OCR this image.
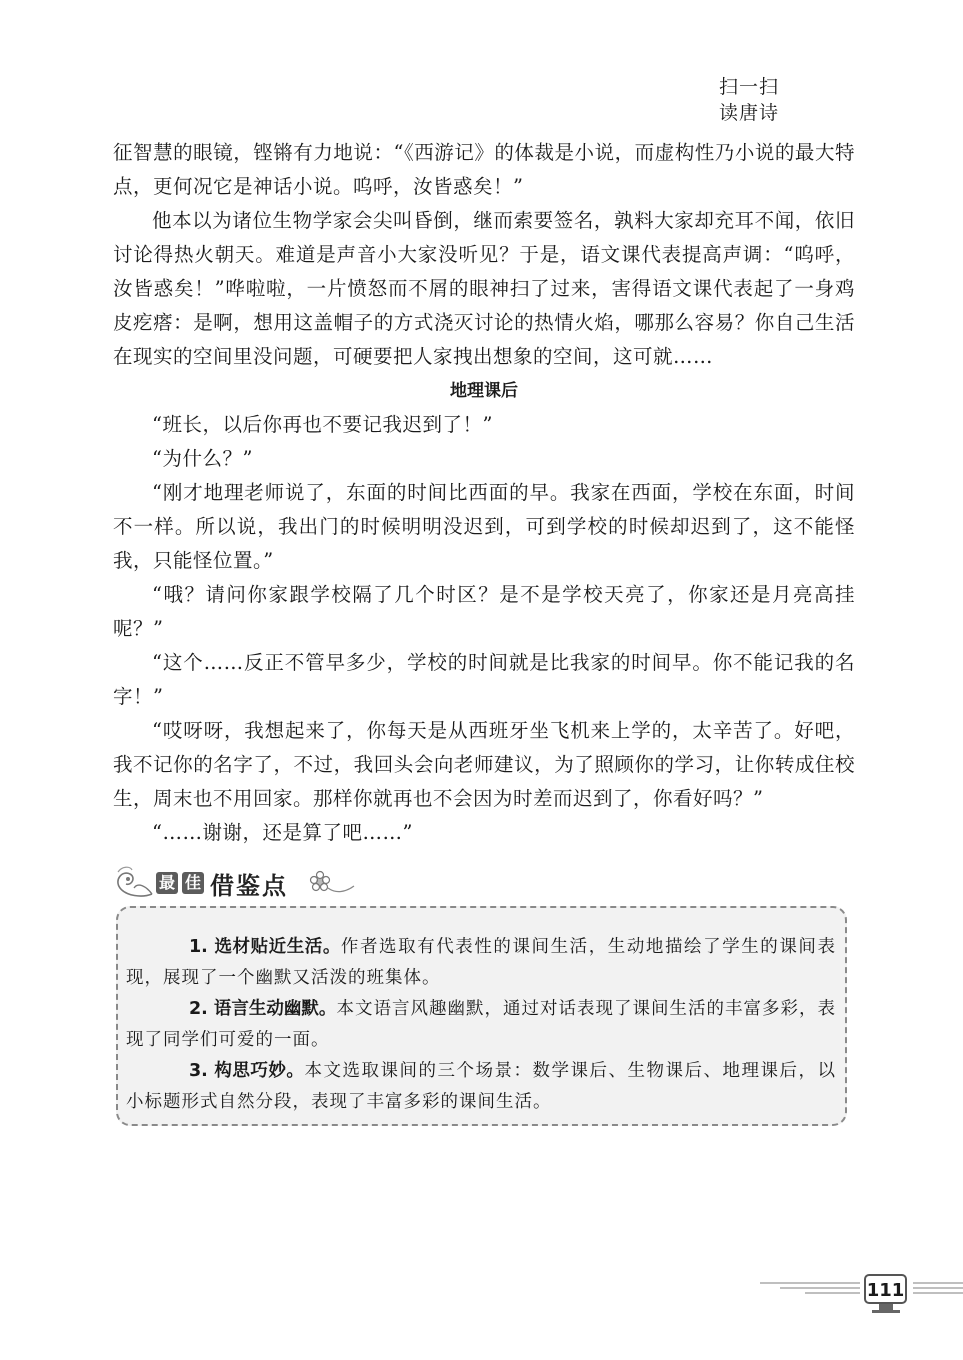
扫一扫
读唐诗

征智慧的眼镜，铿锵有力地说：“《西游记》的体裁是小说，而虚构性乃小说的最大特点，更何况它是神话小说。呜呼，汝皆惑矣！”

他本以为诸位生物学家会尖叫昏倒，继而索要签名，孰料大家却充耳不闻，依旧讨论得热火朝天。难道是声音小大家没听见？于是，语文课代表提高声调：“呜呼，汝皆惑矣！”哗啦啦，一片愤怒而不屑的眼神扫了过来，害得语文课代表起了一身鸡皮疙瘩：是啊，想用这盖帽子的方式浇灭讨论的热情火焰，哪那么容易？你自己生活在现实的空间里没问题，可硬要把人家拽出想象的空间，这可就……

地理课后

“班长，以后你再也不要记我迟到了！”

“为什么？”

“刚才地理老师说了，东面的时间比西面的早。我家在西面，学校在东面，时间不一样。所以说，我出门的时候明明没迟到，可到学校的时候却迟到了，这不能怪我，只能怪位置。”

“哦？请问你家跟学校隔了几个时区？是不是学校天亮了，你家还是月亮高挂呢？”

“这个……反正不管早多少，学校的时间就是比我家的时间早。你不能记我的名字！”

“哎呀呀，我想起来了，你每天是从西班牙坐飞机来上学的，太辛苦了。好吧，我不记你的名字了，不过，我回头会向老师建议，为了照顾你的学习，让你转成住校生，周末也不用回家。那样你就再也不会因为时差而迟到了，你看好吗？”

“……谢谢，还是算了吧……”

最 佳 借鉴点

1. 选材贴近生活。作者选取有代表性的课间生活，生动地描绘了学生的课间表现，展现了一个幽默又活泼的班集体。

2. 语言生动幽默。本文语言风趣幽默，通过对话表现了课间生活的丰富多彩，表现了同学们可爱的一面。

3. 构思巧妙。本文选取课间的三个场景：数学课后、生物课后、地理课后，以小标题形式自然分段，表现了丰富多彩的课间生活。

111
